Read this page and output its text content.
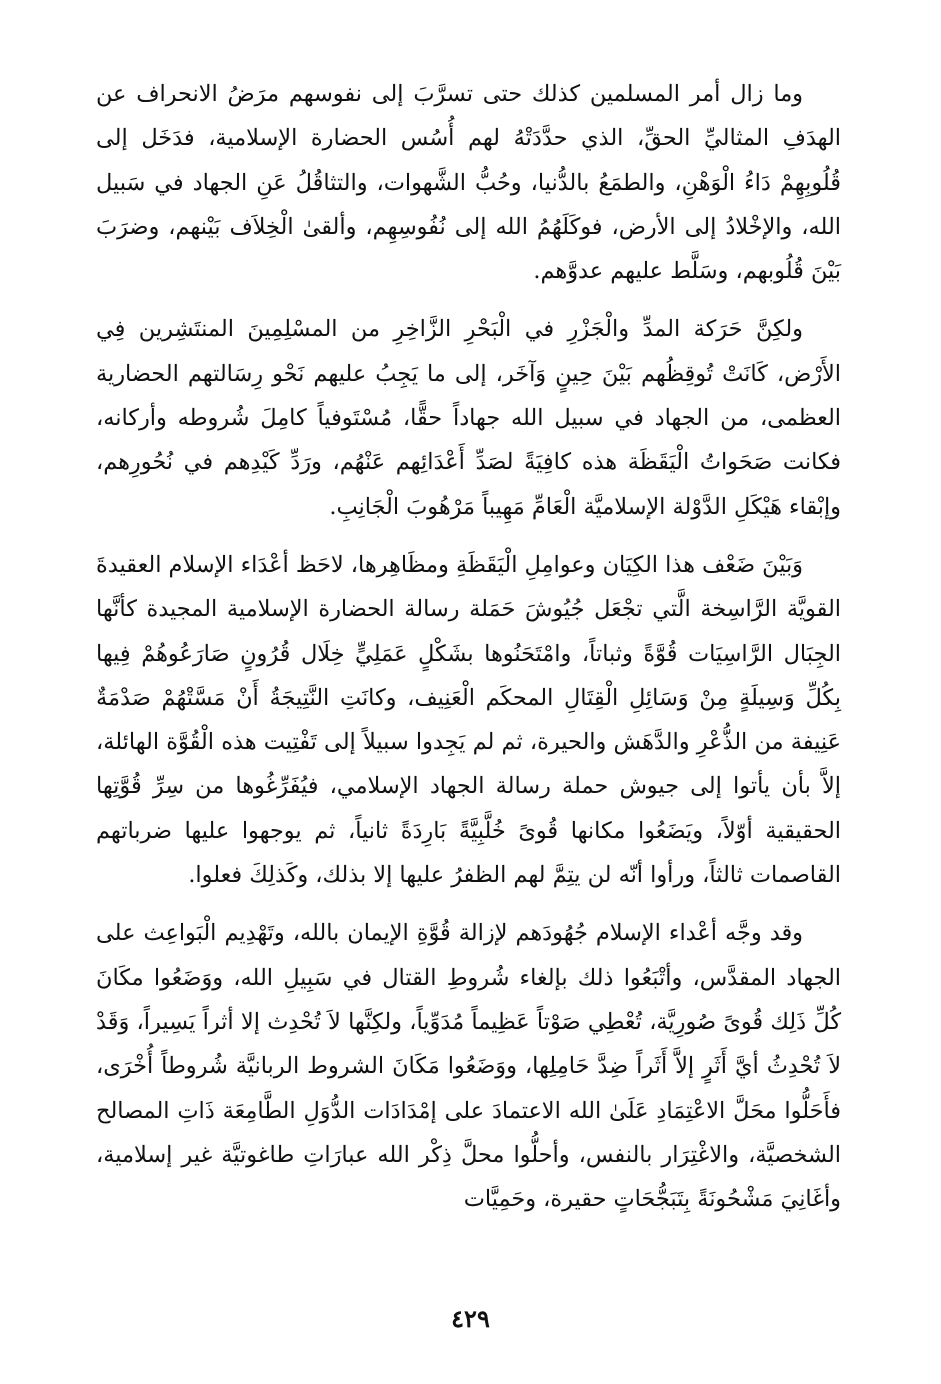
وما زال أمر المسلمين كذلك حتى تسرَّبَ إلى نفوسهم مرَضُ الانحراف عن الهدَفِ المثاليِّ الحقِّ، الذي حدَّدَتْهُ لهم أُسُس الحضارة الإسلامية، فدَخَل إلى قُلُوبِهِمْ دَاءُ الْوَهْنِ، والطمَعُ بالدُّنيا، وحُبُّ الشَّهوات، والتثاقُلُ عَنِ الجهاد في سَبيل الله، والإخْلادُ إلى الأرض، فوكَلَهُمُ الله إلى نُفُوسِهِم، وألقىٰ الْخِلاَف بَيْنهم، وضرَبَ بَيْنَ قُلُوبهم، وسَلَّط عليهم عدوَّهم.

ولكِنَّ حَرَكة المدِّ والْجَزْرِ في الْبَحْرِ الزَّاخِرِ من المسْلِمِينَ المنتَشِرين فِي الأَرْض، كَانَتْ تُوقِظُهم بَيْنَ حِينٍ وَآخَر، إلى ما يَجِبُ عليهم نَحْو رِسَالتهم الحضارية العظمى، من الجهاد في سبيل الله جهاداً حقًّا، مُسْتَوفياً كامِلَ شُروطه وأركانه، فكانت صَحَواتُ الْيَقَظَة هذه كافِيَةً لصَدِّ أَعْدَائِهم عَنْهُم، ورَدِّ كَيْدِهم في نُحُورِهم، وإبْقاء هَيْكَلِ الدَّوْلة الإسلاميَّة الْعَامِّ مَهِيباً مَرْهُوبَ الْجَانِبِ.

وَبَيْنَ ضَعْف هذا الكِيَان وعوامِلِ الْيَقَظَةِ ومظَاهِرها، لاحَظ أعْدَاء الإسلام العقيدةَ القويَّة الرَّاسِخة الَّتي تجْعَل جُيُوشَ حَمَلة رسالة الحضارة الإسلامية المجيدة كأنَّها الجِبَال الرَّاسِيَات قُوَّةً وثباتاً، وامْتَحَنُوها بشَكْلٍ عَمَلِيٍّ خِلَال قُرُونٍ صَارَعُوهُمْ فِيها بِكُلِّ وَسِيلَةٍ مِنْ وَسَائِلِ الْقِتَالِ المحكَم الْعَنِيف، وكانَتِ النَّتِيجَةُ أَنْ مَسَّتْهُمْ صَدْمَةٌ عَنِيفة من الذُّعْرِ والدَّهَش والحيرة، ثم لم يَجِدوا سبيلاً إلى تَفْتِيت هذه الْقُوَّة الهائلة، إلاَّ بأن يأتوا إلى جيوش حملة رسالة الجهاد الإسلامي، فيُفَرِّغُوها من سِرِّ قُوَّتِها الحقيقية أوّلاً، ويَضَعُوا مكانها قُوىً خُلَّبِيَّةً بَارِدَةً ثانياً، ثم يوجهوا عليها ضرباتهم القاصمات ثالثاً، ورأوا أنّه لن يتِمَّ لهم الظفرُ عليها إلا بذلك، وكَذلِكَ فعلوا.

وقد وجَّه أعْداء الإسلام جُهُودَهم لإزالة قُوَّةِ الإيمان بالله، وتَهْدِيم الْبَواعِث على الجهاد المقدَّس، وأتْبَعُوا ذلك بإلغاء شُروطِ القتال في سَبِيلِ الله، ووَضَعُوا مكَانَ كُلِّ ذَلِك قُوىً صُورِيَّة، تُعْطِي صَوْتاً عَظِيماً مُدَوِّياً، ولكِنَّها لاَ تُحْدِث إلا أثراً يَسِيراً، وَقَدْ لاَ تُحْدِثُ أيَّ أَثَرٍ إلاَّ أَثَراً ضِدَّ حَامِلِها، ووَضَعُوا مَكَانَ الشروط الربانيَّة شُروطاً أُخْرَى، فأَحَلُّوا محَلَّ الاعْتِمَادِ عَلَىٰ الله الاعتمادَ على إمْدَادَات الدُّوَلِ الطَّامِعَة ذَاتِ المصالح الشخصيَّة، والاغْتِرَار بالنفس، وأحلُّوا محلَّ ذِكْر الله عبارَاتِ طاغوتيَّة غير إسلامية، وأغَانِيَ مَشْحُونَةً بِتَبَجُّحَاتٍ حقيرة، وحَمِيَّات

٤٢٩
